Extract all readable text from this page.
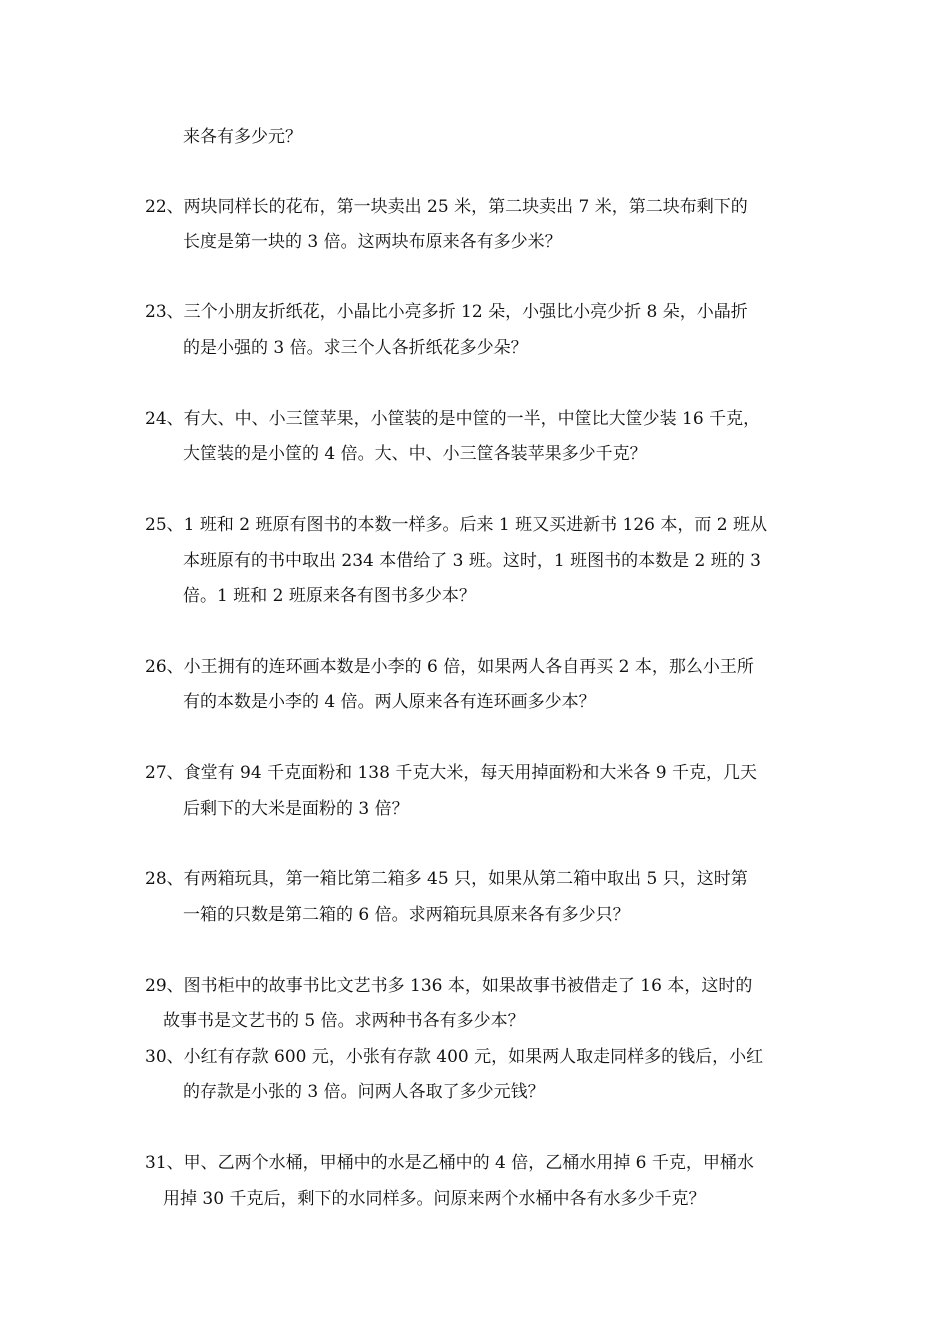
来各有多少元？
22、两块同样长的花布，第一块卖出 25 米，第二块卖出 7 米，第二块布剩下的
长度是第一块的 3 倍。这两块布原来各有多少米？
23、三个小朋友折纸花，小晶比小亮多折 12 朵，小强比小亮少折 8 朵，小晶折
的是小强的 3 倍。求三个人各折纸花多少朵？
24、有大、中、小三筐苹果，小筐装的是中筐的一半，中筐比大筐少装 16 千克，
大筐装的是小筐的 4 倍。大、中、小三筐各装苹果多少千克？
25、1 班和 2 班原有图书的本数一样多。后来 1 班又买进新书 126 本，而 2 班从
本班原有的书中取出 234 本借给了 3 班。这时，1 班图书的本数是 2 班的 3
倍。1 班和 2 班原来各有图书多少本？
26、小王拥有的连环画本数是小李的 6 倍，如果两人各自再买 2 本，那么小王所
有的本数是小李的 4 倍。两人原来各有连环画多少本？
27、食堂有 94 千克面粉和 138 千克大米，每天用掉面粉和大米各 9 千克，几天
后剩下的大米是面粉的 3 倍？
28、有两箱玩具，第一箱比第二箱多 45 只，如果从第二箱中取出 5 只，这时第
一箱的只数是第二箱的 6 倍。求两箱玩具原来各有多少只？
29、图书柜中的故事书比文艺书多 136 本，如果故事书被借走了 16 本，这时的
故事书是文艺书的 5 倍。求两种书各有多少本？
30、小红有存款 600 元，小张有存款 400 元，如果两人取走同样多的钱后，小红
的存款是小张的 3 倍。问两人各取了多少元钱？
31、甲、乙两个水桶，甲桶中的水是乙桶中的 4 倍，乙桶水用掉 6 千克，甲桶水
用掉 30 千克后，剩下的水同样多。问原来两个水桶中各有水多少千克？
